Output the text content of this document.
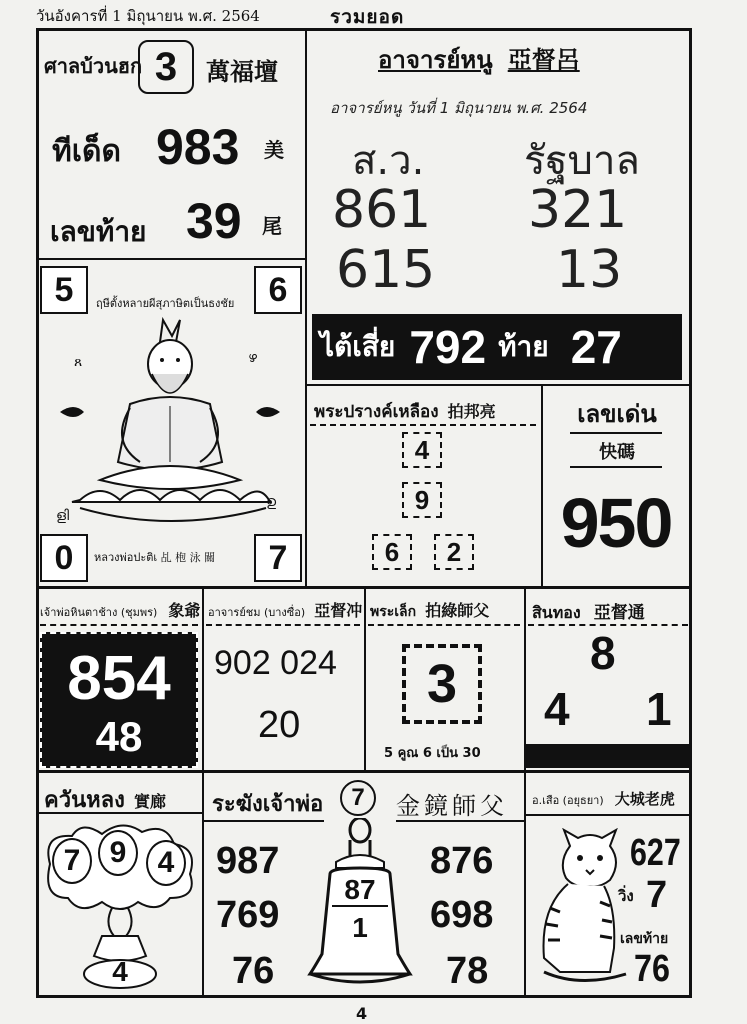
วันอังคารที่ 1 มิถุนายน พ.ศ. 2564	รวมยอด
ศาลบ้วนฮก 3 萬福壇
ทีเด็ด 983 美
เลขท้าย 39 尾
อาจารย์หนู 亞督呂
อาจารย์หนู วันที่ 1 มิถุนายน พ.ศ. 2564
ส.ว. รัฐบาล
861 321
615 13
ไต้เสี่ย 792 ท้าย 27
5	6
ฤษีตั้งหลายผีสุภาษิตเป็นธงชัย
ጸ	ഴ
ളി
ഉ
0	7
หลวงพ่อปะติเ 乩 枹 泳 關
พระปรางค์เหลือง 拍邦亮
4
9
6 2
เลขเด่น
快碼
950
เจ้าพ่อหินตาช้าง (ชุมพร) 象爺
854
48
อาจารย์ชม (บางซื่อ) 亞督冲
902 024
20
พระเล็ก 拍綠師父
3
5 คูณ 6 เป็น 30
สินทอง 亞督通
8
4 1
ควันหลง 實廊
7 9 4
4
ระฆังเจ้าพ่อ 7 金鏡師父
987
769
76
876
698
78
87
1
อ.เสือ (อยุธยา) 大城老虎
627
วิ่ง 7
เลขท้าย
76
4
